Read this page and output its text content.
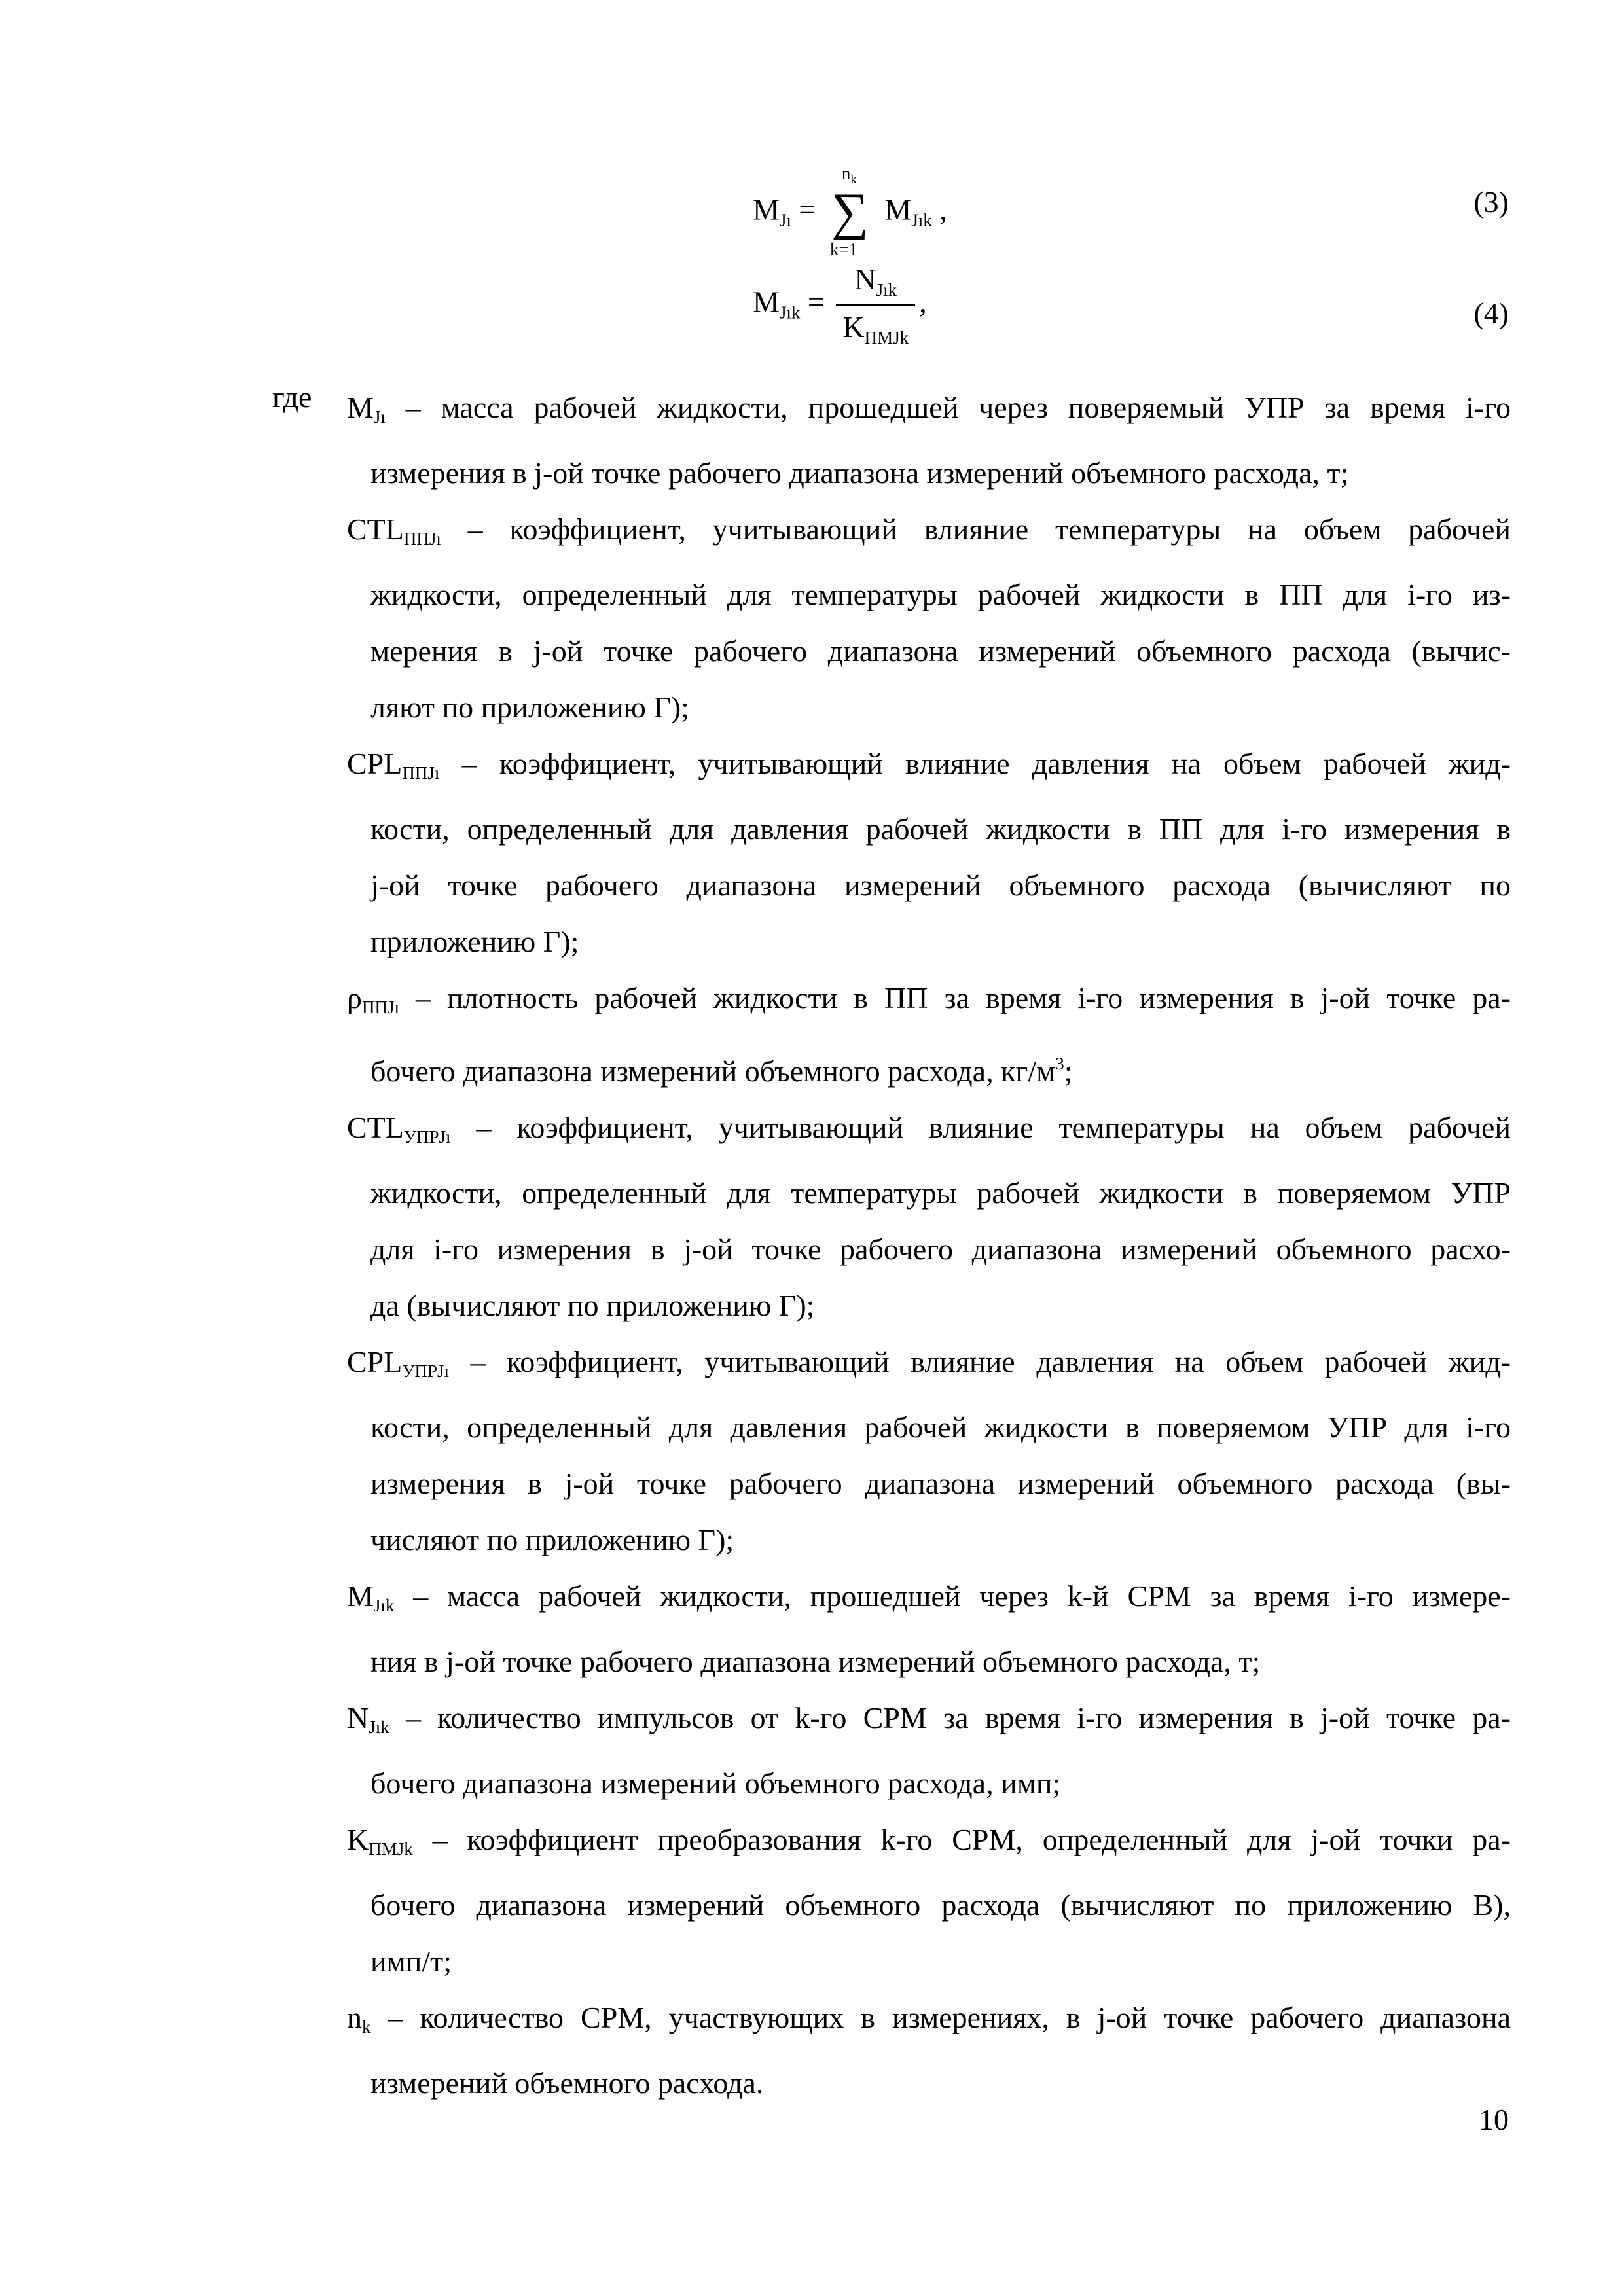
$M_{Jı}$ =
$n_k$
∑
k=1
$M_{Jık}$ ,	(3)
$M_{Jık} = \frac{N_{Jık}}{K_{ПМJk}}$ ,	(4)
где MJı – масса рабочей жидкости, прошедшей через поверяемый УПР за время i-го
измерения в j-ой точке рабочего диапазона измерений объемного расхода, т;
CTLППJı – коэффициент, учитывающий влияние температуры на объем рабочей
жидкости, определенный для температуры рабочей жидкости в ПП для i-го из-
мерения в j-ой точке рабочего диапазона измерений объемного расхода (вычис-
ляют по приложению Г);
CPLППJı – коэффициент, учитывающий влияние давления на объем рабочей жид-
кости, определенный для давления рабочей жидкости в ПП для i-го измерения в
j-ой точке рабочего диапазона измерений объемного расхода (вычисляют по
приложению Г);
ρППJı – плотность рабочей жидкости в ПП за время i-го измерения в j-ой точке ра-
бочего диапазона измерений объемного расхода, $кг/м^3$;
CTLУПРJı – коэффициент, учитывающий влияние температуры на объем рабочей
жидкости, определенный для температуры рабочей жидкости в поверяемом УПР
для i-го измерения в j-ой точке рабочего диапазона измерений объемного расхо-
да (вычисляют по приложению Г);
CPLУПРJı – коэффициент, учитывающий влияние давления на объем рабочей жид-
кости, определенный для давления рабочей жидкости в поверяемом УПР для i-го
измерения в j-ой точке рабочего диапазона измерений объемного расхода (вы-
числяют по приложению Г);
MJık – масса рабочей жидкости, прошедшей через k-й СРМ за время i-го измере-
ния в j-ой точке рабочего диапазона измерений объемного расхода, т;
NJık – количество импульсов от k-го СРМ за время i-го измерения в j-ой точке ра-
бочего диапазона измерений объемного расхода, имп;
KПМJk – коэффициент преобразования k-го СРМ, определенный для j-ой точки ра-
бочего диапазона измерений объемного расхода (вычисляют по приложению В),
имп/т;
nk – количество СРМ, участвующих в измерениях, в j-ой точке рабочего диапазона
измерений объемного расхода.
10
